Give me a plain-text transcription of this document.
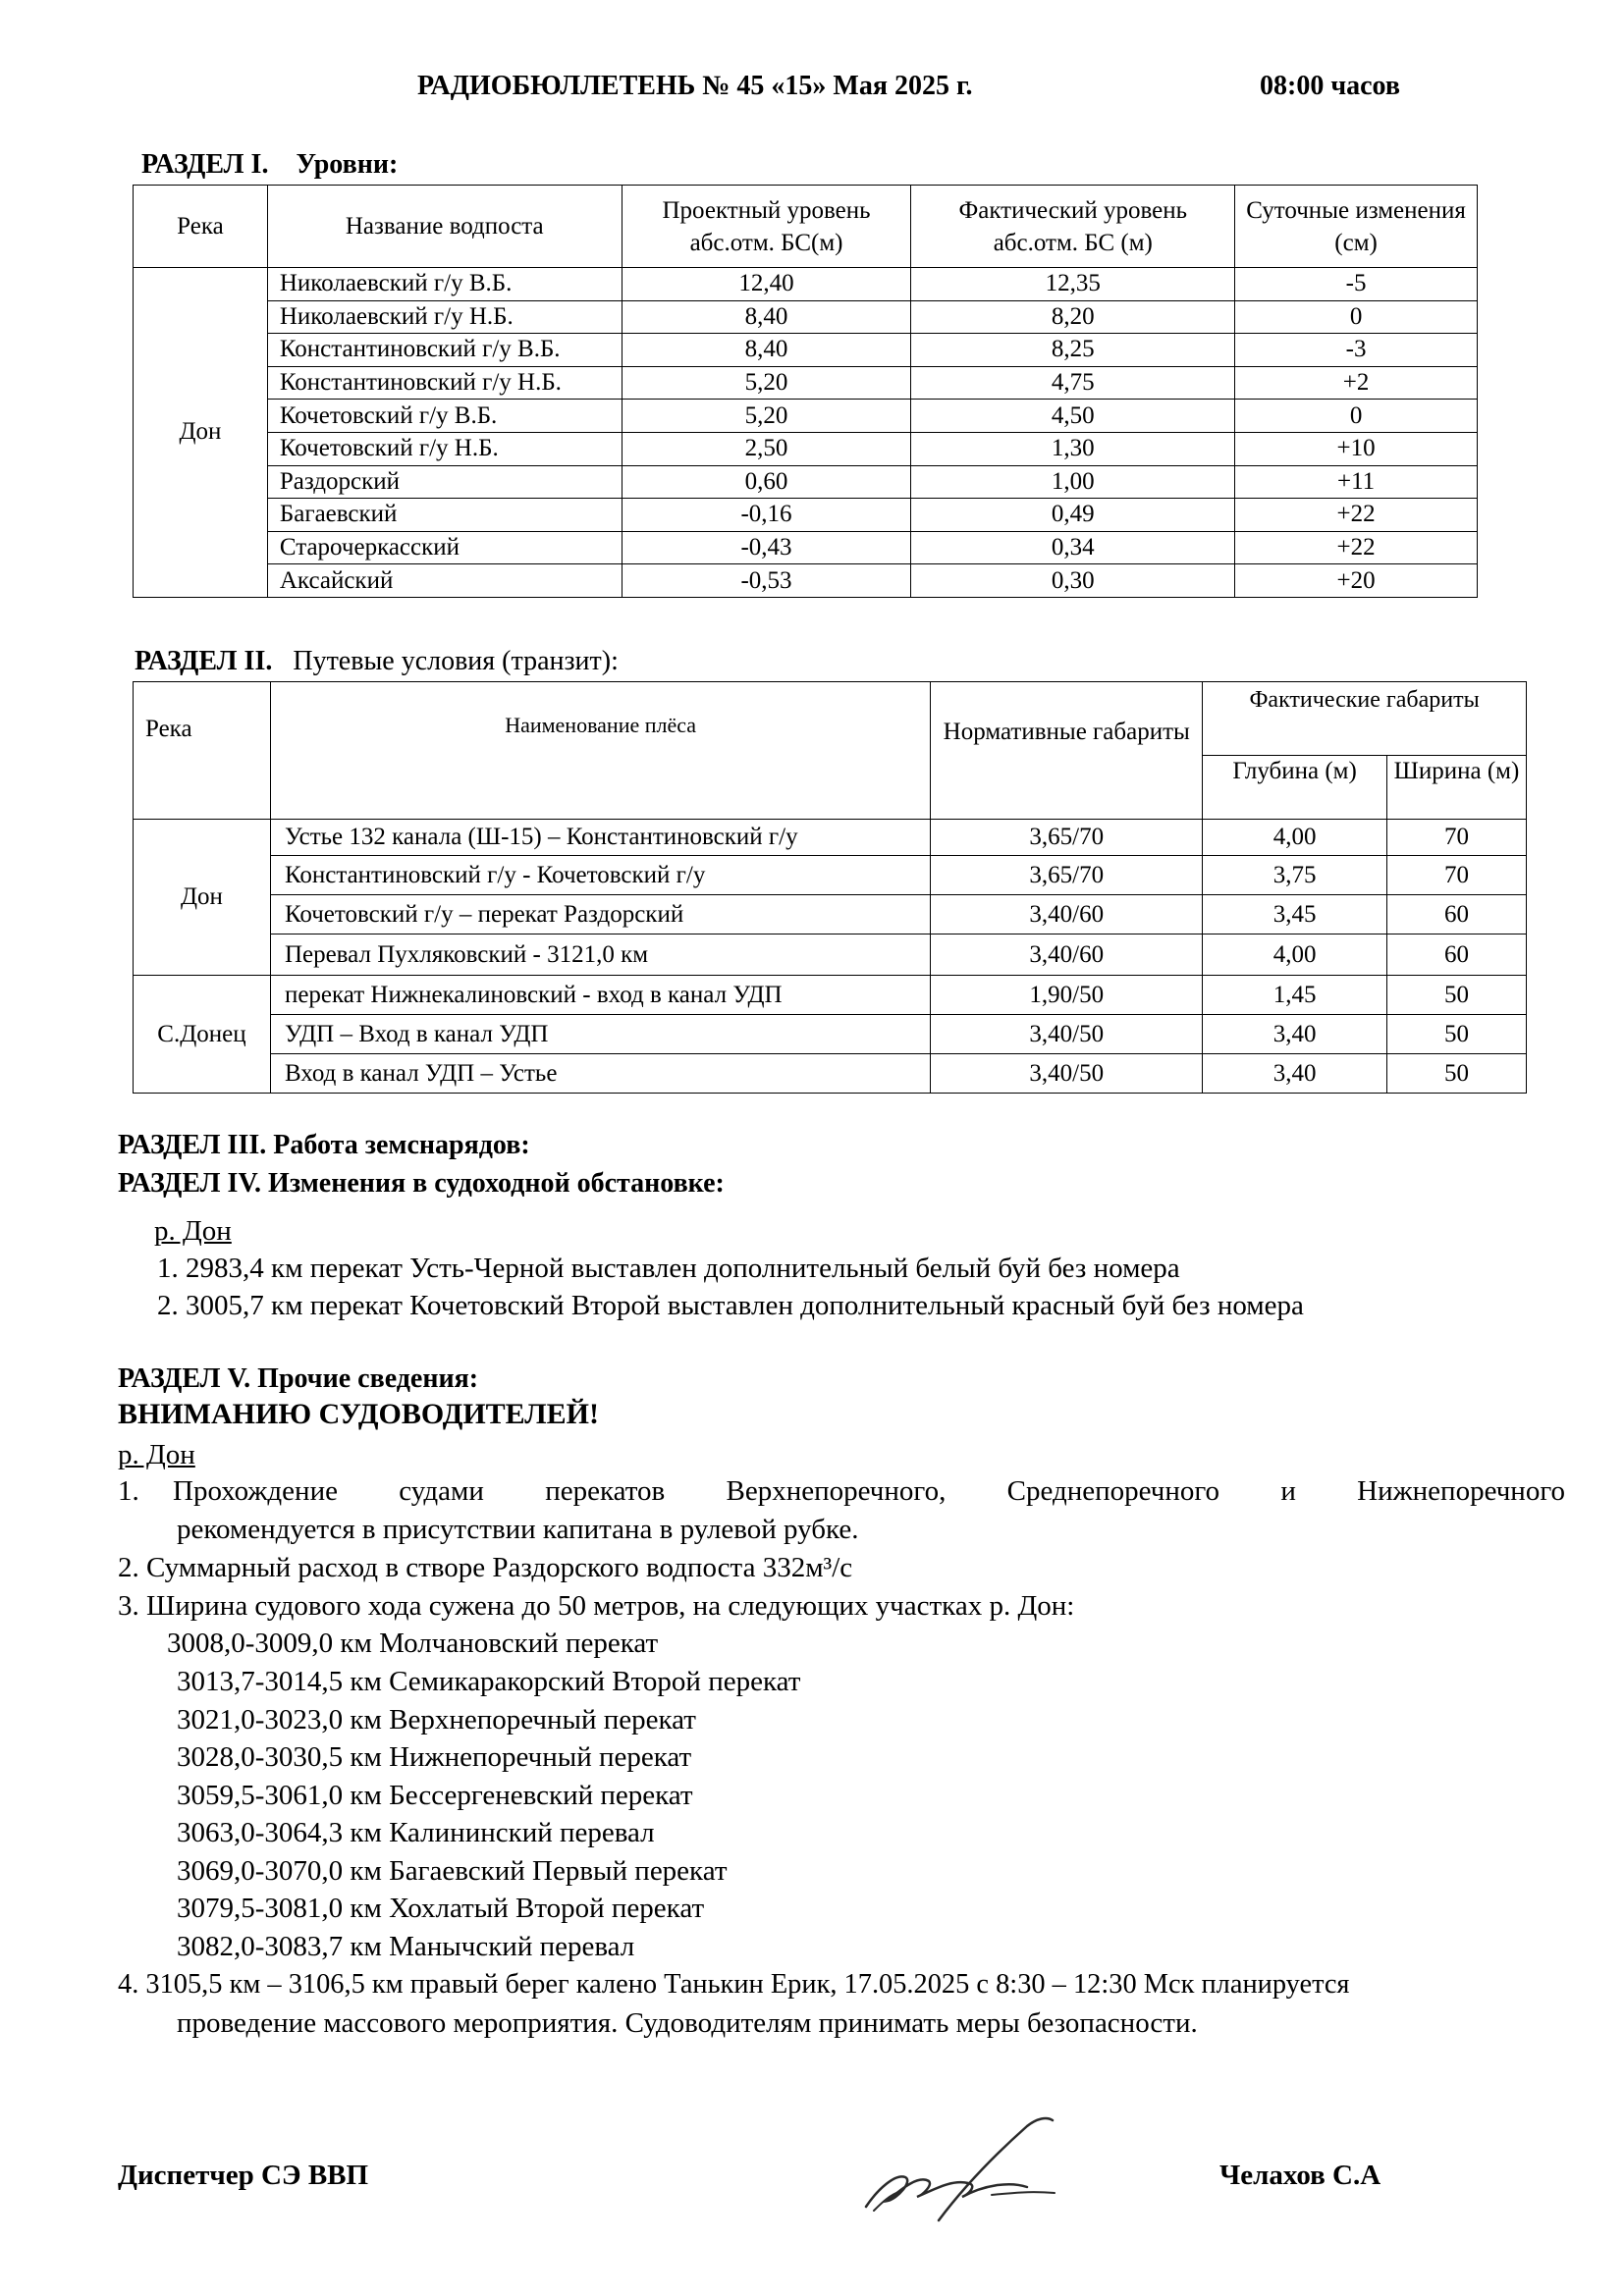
РАДИОБЮЛЛЕТЕНЬ № 45 «15» Мая 2025 г.	08:00 часов
РАЗДЕЛ I. Уровни:
Река	Название водпоста	Проектный уровень абс.отм. БС(м)	Фактический уровень абс.отм. БС (м)	Суточные изменения (см)
Дон	Николаевский г/у В.Б.	12,40	12,35	-5
	Николаевский г/у Н.Б.	8,40	8,20	0
	Константиновский г/у В.Б.	8,40	8,25	-3
	Константиновский г/у Н.Б.	5,20	4,75	+2
	Кочетовский г/у В.Б.	5,20	4,50	0
	Кочетовский г/у Н.Б.	2,50	1,30	+10
	Раздорский	0,60	1,00	+11
	Багаевский	-0,16	0,49	+22
	Старочеркасский	-0,43	0,34	+22
	Аксайский	-0,53	0,30	+20
РАЗДЕЛ II. Путевые условия (транзит):
Река	Наименование плёса	Нормативные габариты	Фактические габариты	
			Глубина (м)	Ширина (м)
Дон	Устье 132 канала (Ш-15) – Константиновский г/у	3,65/70	4,00	70
	Константиновский г/у - Кочетовский г/у	3,65/70	3,75	70
	Кочетовский г/у – перекат Раздорский	3,40/60	3,45	60
	Перевал Пухляковский - 3121,0 км	3,40/60	4,00	60
С.Донец	перекат Нижнекалиновский - вход в канал УДП	1,90/50	1,45	50
	УДП – Вход в канал УДП	3,40/50	3,40	50
	Вход в канал УДП – Устье	3,40/50	3,40	50
РАЗДЕЛ III. Работа земснарядов:
РАЗДЕЛ IV. Изменения в судоходной обстановке:
р. Дон
1. 2983,4 км перекат Усть-Черной выставлен дополнительный белый буй без номера
2. 3005,7 км перекат Кочетовский Второй выставлен дополнительный красный буй без номера
РАЗДЕЛ V. Прочие сведения:
ВНИМАНИЮ СУДОВОДИТЕЛЕЙ!
р. Дон
1. Прохождение судами перекатов Верхнепоречного, Среднепоречного и Нижнепоречного
рекомендуется в присутствии капитана в рулевой рубке.
2. Суммарный расход в створе Раздорского водпоста 332м³/с
3. Ширина судового хода сужена до 50 метров, на следующих участках р. Дон:
3008,0-3009,0 км Молчановский перекат
3013,7-3014,5 км Семикаракорский Второй перекат
3021,0-3023,0 км Верхнепоречный перекат
3028,0-3030,5 км Нижнепоречный перекат
3059,5-3061,0 км Бессергеневский перекат
3063,0-3064,3 км Калининский перевал
3069,0-3070,0 км Багаевский Первый перекат
3079,5-3081,0 км Хохлатый Второй перекат
3082,0-3083,7 км Манычский перевал
4. 3105,5 км – 3106,5 км правый берег калено Танькин Ерик, 17.05.2025 с 8:30 – 12:30 Мск планируется
проведение массового мероприятия. Судоводителям принимать меры безопасности.
Диспетчер СЭ ВВП	Челахов С.А
